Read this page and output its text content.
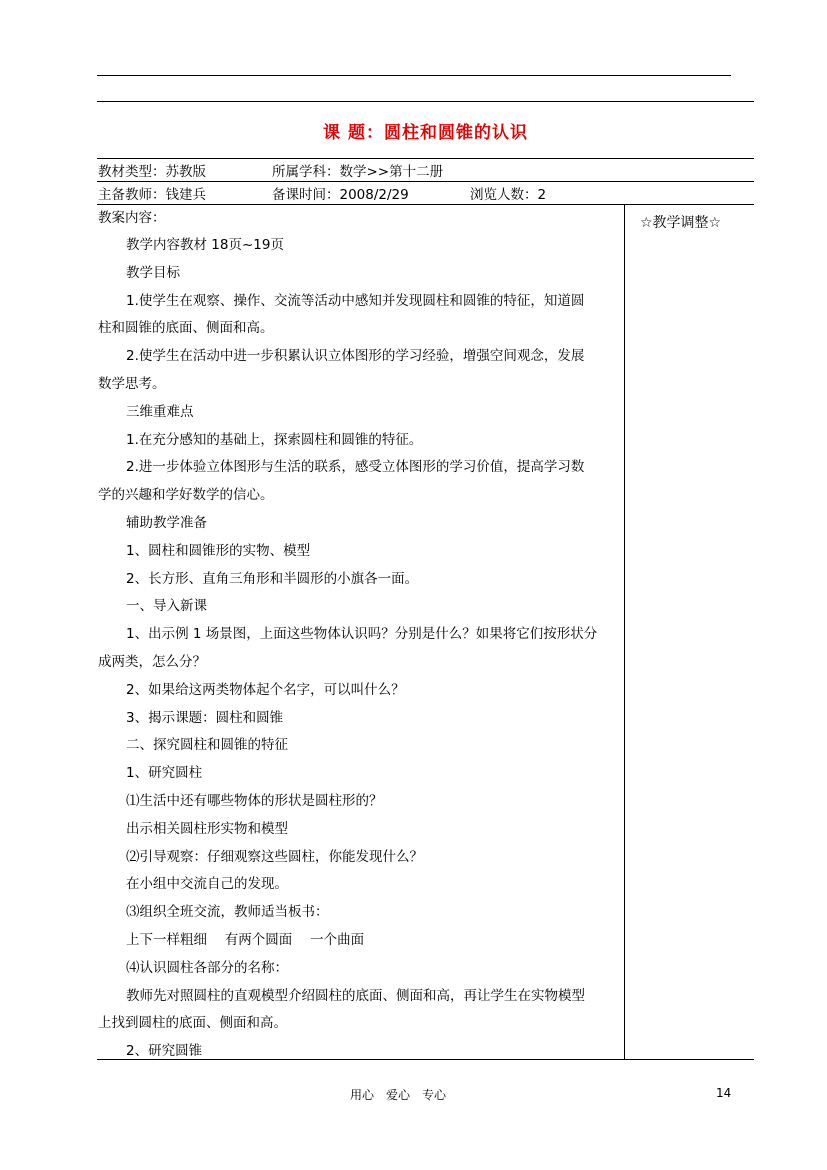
课 题：圆柱和圆锥的认识
教材类型：苏教版	所属学科：数学>>第十二册
主备教师：钱建兵	备课时间：2008/2/29	浏览人数：2
教案内容：	☆教学调整☆
教学内容教材 18页~19页
教学目标
1.使学生在观察、操作、交流等活动中感知并发现圆柱和圆锥的特征，知道圆
柱和圆锥的底面、侧面和高。
2.使学生在活动中进一步积累认识立体图形的学习经验，增强空间观念，发展
数学思考。
三维重难点
1.在充分感知的基础上，探索圆柱和圆锥的特征。
2.进一步体验立体图形与生活的联系，感受立体图形的学习价值，提高学习数
学的兴趣和学好数学的信心。
辅助教学准备
1、圆柱和圆锥形的实物、模型
2、长方形、直角三角形和半圆形的小旗各一面。
一、导入新课
1、出示例 1 场景图，上面这些物体认识吗？分别是什么？如果将它们按形状分
成两类，怎么分？
2、如果给这两类物体起个名字，可以叫什么？
3、揭示课题：圆柱和圆锥
二、探究圆柱和圆锥的特征
1、研究圆柱
⑴生活中还有哪些物体的形状是圆柱形的？
出示相关圆柱形实物和模型
⑵引导观察：仔细观察这些圆柱，你能发现什么？
在小组中交流自己的发现。
⑶组织全班交流，教师适当板书：
上下一样粗细　 有两个圆面　 一个曲面
⑷认识圆柱各部分的名称：
教师先对照圆柱的直观模型介绍圆柱的底面、侧面和高，再让学生在实物模型
上找到圆柱的底面、侧面和高。
2、研究圆锥
用心　爱心　专心	14
